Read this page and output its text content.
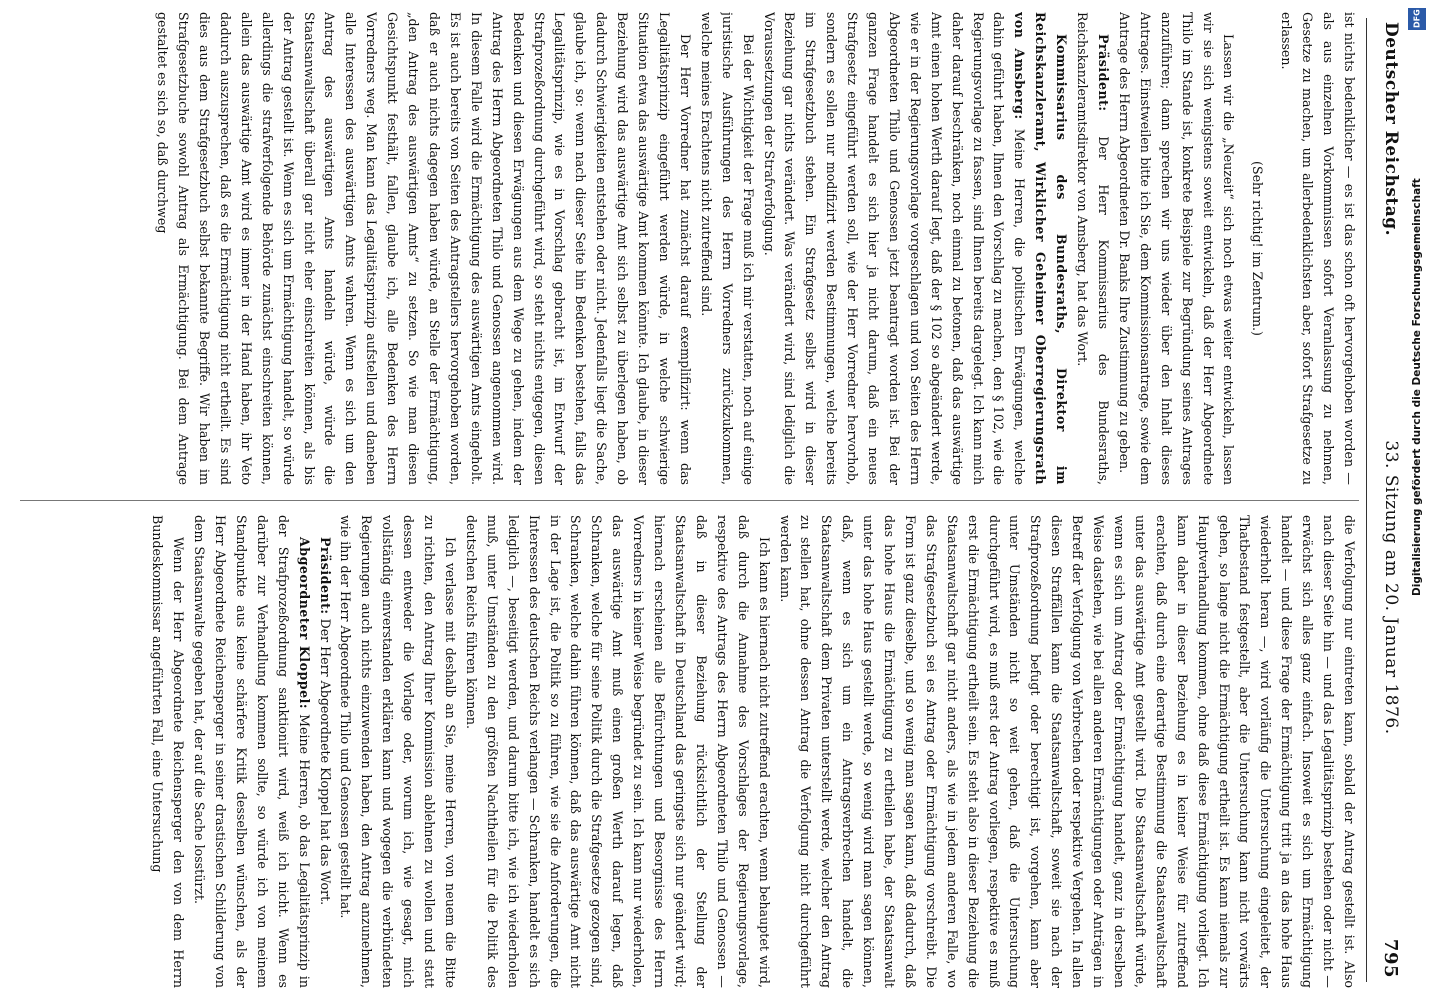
Deutscher Reichstag.
33. Sitzung am 20. Januar 1876.
795

ist nichts bedenklicher — es ist das schon oft hervorgehoben worden — als aus einzelnen Vorkommnissen sofort Veranlassung zu nehmen, Gesetze zu machen, um allerbedenklichsten aber, sofort Strafgesetze zu erlassen.

(Sehr richtig! im Zentrum.)

Lassen wir die „Neuzeit“ sich noch etwas weiter entwickeln, lassen wir sie sich wenigstens soweit entwickeln, daß der Herr Abgeordnete Thilo im Stande ist, konkrete Beispiele zur Begründung seines Antrages anzuführen; dann sprechen wir uns wieder über den Inhalt dieses Antrages. Einstweilen bitte ich Sie, dem Kommissionsantrage, sowie dem Antrage des Herrn Abgeordneten Dr. Banks Ihre Zustimmung zu geben.

Präsident: Der Herr Kommissarius des Bundesraths, Reichskanzleramtsdirektor von Amsberg, hat das Wort.

Kommissarius des Bundesraths, Direktor im Reichskanzleramt, Wirklicher Geheimer Oberregierungsrath von Amsberg: Meine Herren, die politischen Erwägungen, welche dahin geführt haben, Ihnen den Vorschlag zu machen, den § 102, wie die Regierungsvorlage zu fassen, sind Ihnen bereits dargelegt. Ich kann mich daher darauf beschränken, noch einmal zu betonen, daß das auswärtige Amt einen hohen Werth darauf legt, daß der § 102 so abgeändert werde, wie er in der Regierungsvorlage vorgeschlagen und von Seiten des Herrn Abgeordneten Thilo und Genossen jetzt beantragt worden ist. Bei der ganzen Frage handelt es sich hier ja nicht darum, daß ein neues Strafgesetz eingeführt werden soll, wie der Herr Vorredner hervorhob, sondern es sollen nur modifizirt werden Bestimmungen, welche bereits im Strafgesetzbuch stehen. Ein Strafgesetz selbst wird in dieser Beziehung gar nichts verändert. Was verändert wird, sind lediglich die Voraussetzungen der Strafverfolgung.

Bei der Wichtigkeit der Frage muß ich mir verstatten, noch auf einige juristische Ausführungen des Herrn Vorredners zurückzukommen, welche meines Erachtens nicht zutreffend sind.

Der Herr Vorredner hat zunächst darauf exemplifizirt: wenn das Legalitätsprinzip eingeführt werden würde, in welche schwierige Situation etwa das auswärtige Amt kommen könnte. Ich glaube, in dieser Beziehung wird das auswärtige Amt sich selbst zu überlegen haben, ob dadurch Schwierigkeiten entstehen oder nicht. Jedenfalls liegt die Sache, glaube ich, so: wenn nach dieser Seite hin Bedenken bestehen, falls das Legalitätsprinzip, wie es in Vorschlag gebracht ist, im Entwurf der Strafprozeßordnung durchgeführt wird, so steht nichts entgegen, diesen Bedenken und diesen Erwägungen aus dem Wege zu gehen, indem der Antrag des Herrn Abgeordneten Thilo und Genossen angenommen wird. In diesem Falle wird die Ermächtigung des auswärtigen Amts eingeholt. Es ist auch bereits von Seiten des Antragstellers hervorgehoben worden, daß er auch nichts dagegen haben würde, an Stelle der Ermächtigung, „den Antrag des auswärtigen Amts“ zu setzen. So wie man diesen Gesichtspunkt festhält, fallen, glaube ich, alle Bedenken des Herrn Vorredners weg. Man kann das Legalitätsprinzip aufstellen und daneben alle Interessen des auswärtigen Amts wahren. Wenn es sich um den Antrag des auswärtigen Amts handeln würde, würde die Staatsanwaltschaft überall gar nicht eher einschreiten können, als bis der Antrag gestellt ist. Wenn es sich um Ermächtigung handelt, so würde allerdings die strafverfolgende Behörde zunächst einschreiten können, allein das auswärtige Amt wird es immer in der Hand haben, ihr Veto dadurch auszusprechen, daß es die Ermächtigung nicht ertheilt. Es sind dies aus dem Strafgesetzbuch selbst bekannte Begriffe. Wir haben im Strafgesetzbuche sowohl Antrag als Ermächtigung. Bei dem Antrage gestaltet es sich so, daß durchweg

die Verfolgung nur eintreten kann, sobald der Antrag gestellt ist. Also nach dieser Seite hin — und das Legalitätsprinzip bestehen oder nicht — erwächst sich alles ganz einfach. Insoweit es sich um Ermächtigung handelt — und diese Frage der Ermächtigung tritt ja an das hohe Haus wiederholt heran —, wird vorläufig die Untersuchung eingeleitet, der Thatbestand festgestellt, aber die Untersuchung kann nicht vorwärts gehen, so lange nicht die Ermächtigung ertheilt ist. Es kann niemals zur Hauptverhandlung kommen, ohne daß diese Ermächtigung vorliegt. Ich kann daher in dieser Beziehung es in keiner Weise für zutreffend erachten, daß durch eine derartige Bestimmung die Staatsanwaltschaft unter das auswärtige Amt gestellt wird. Die Staatsanwaltschaft würde, wenn es sich um Antrag oder Ermächtigung handelt, ganz in derselben Weise dastehen, wie bei allen anderen Ermächtigungen oder Anträgen in Betreff der Verfolgung von Verbrechen oder respektive Vergehen. In allen diesen Straffällen kann die Staatsanwaltschaft, soweit sie nach der Strafprozeßordnung befugt oder berechtigt ist, vorgehen, kann aber unter Umständen nicht so weit gehen, daß die Untersuchung durchgeführt wird, es muß erst der Antrag vorliegen, respektive es muß erst die Ermächtigung ertheilt sein. Es steht also in dieser Beziehung die Staatsanwaltschaft gar nicht anders, als wie in jedem anderen Falle, wo das Strafgesetzbuch sei es Antrag oder Ermächtigung vorschreibt. Die Form ist ganz dieselbe, und so wenig man sagen kann, daß dadurch, daß das hohe Haus die Ermächtigung zu ertheilen habe, der Staatsanwalt unter das hohe Haus gestellt werde, so wenig wird man sagen können, daß, wenn es sich um ein Antragsverbrechen handelt, die Staatsanwaltschaft dem Privaten unterstellt werde, welcher den Antrag zu stellen hat, ohne dessen Antrag die Verfolgung nicht durchgeführt werden kann.

Ich kann es hiernach nicht zutreffend erachten, wenn behauptet wird, daß durch die Annahme des Vorschlages der Regierungsvorlage, respektive des Antrags des Herrn Abgeordneten Thilo und Genossen — daß in dieser Beziehung rücksichtlich der Stellung der Staatsanwaltschaft in Deutschland das geringste sich nur geändert wird; hiernach erscheinen alle Befürchtungen und Besorgnisse des Herrn Vorredners in keiner Weise begründet zu sein. Ich kann nur wiederholen, das auswärtige Amt muß einen großen Werth darauf legen, daß Schranken, welche für seine Politik durch die Strafgesetze gezogen sind, Schranken, welche dahin führen können, daß das auswärtige Amt nicht in der Lage ist, die Politik so zu führen, wie sie die Anforderungen, die Interessen des deutschen Reichs verlangen — Schranken, handelt es sich lediglich —, beseitigt werden, und darum bitte ich, wie ich wiederholen muß, unter Umständen zu den größten Nachtheilen für die Politik des deutschen Reichs führen können.

Ich verlasse mit deshalb an Sie, meine Herren, von neuem die Bitte zu richten, den Antrag Ihrer Kommission ablehnen zu wollen und statt dessen entweder die Vorlage oder, worum ich, wie gesagt, mich vollständig einverstanden erklären kann und wogegen die verbündeten Regierungen auch nichts einzuwenden haben, den Antrag anzunehmen, wie ihn der Herr Abgeordnete Thilo und Genossen gestellt hat.

Präsident: Der Herr Abgeordnete Kloppel hat das Wort.

Abgeordneter Kloppel: Meine Herren, ob das Legalitätsprinzip in der Strafprozeßordnung sanktionirt wird, weiß ich nicht. Wenn es darüber zur Verhandlung kommen sollte, so würde ich von meinem Standpunkte aus keine schärfere Kritik desselben wünschen, als der Herr Abgeordnete Reichensperger in seiner drastischen Schilderung von dem Staatsanwalte gegeben hat, der auf die Sache losstürzt.

Wenn der Herr Abgeordnete Reichensperger den von dem Herrn Bundeskommissar angeführten Fall, eine Untersuchung

DFG
Digitalisierung gefördert durch die Deutsche Forschungsgemeinschaft
